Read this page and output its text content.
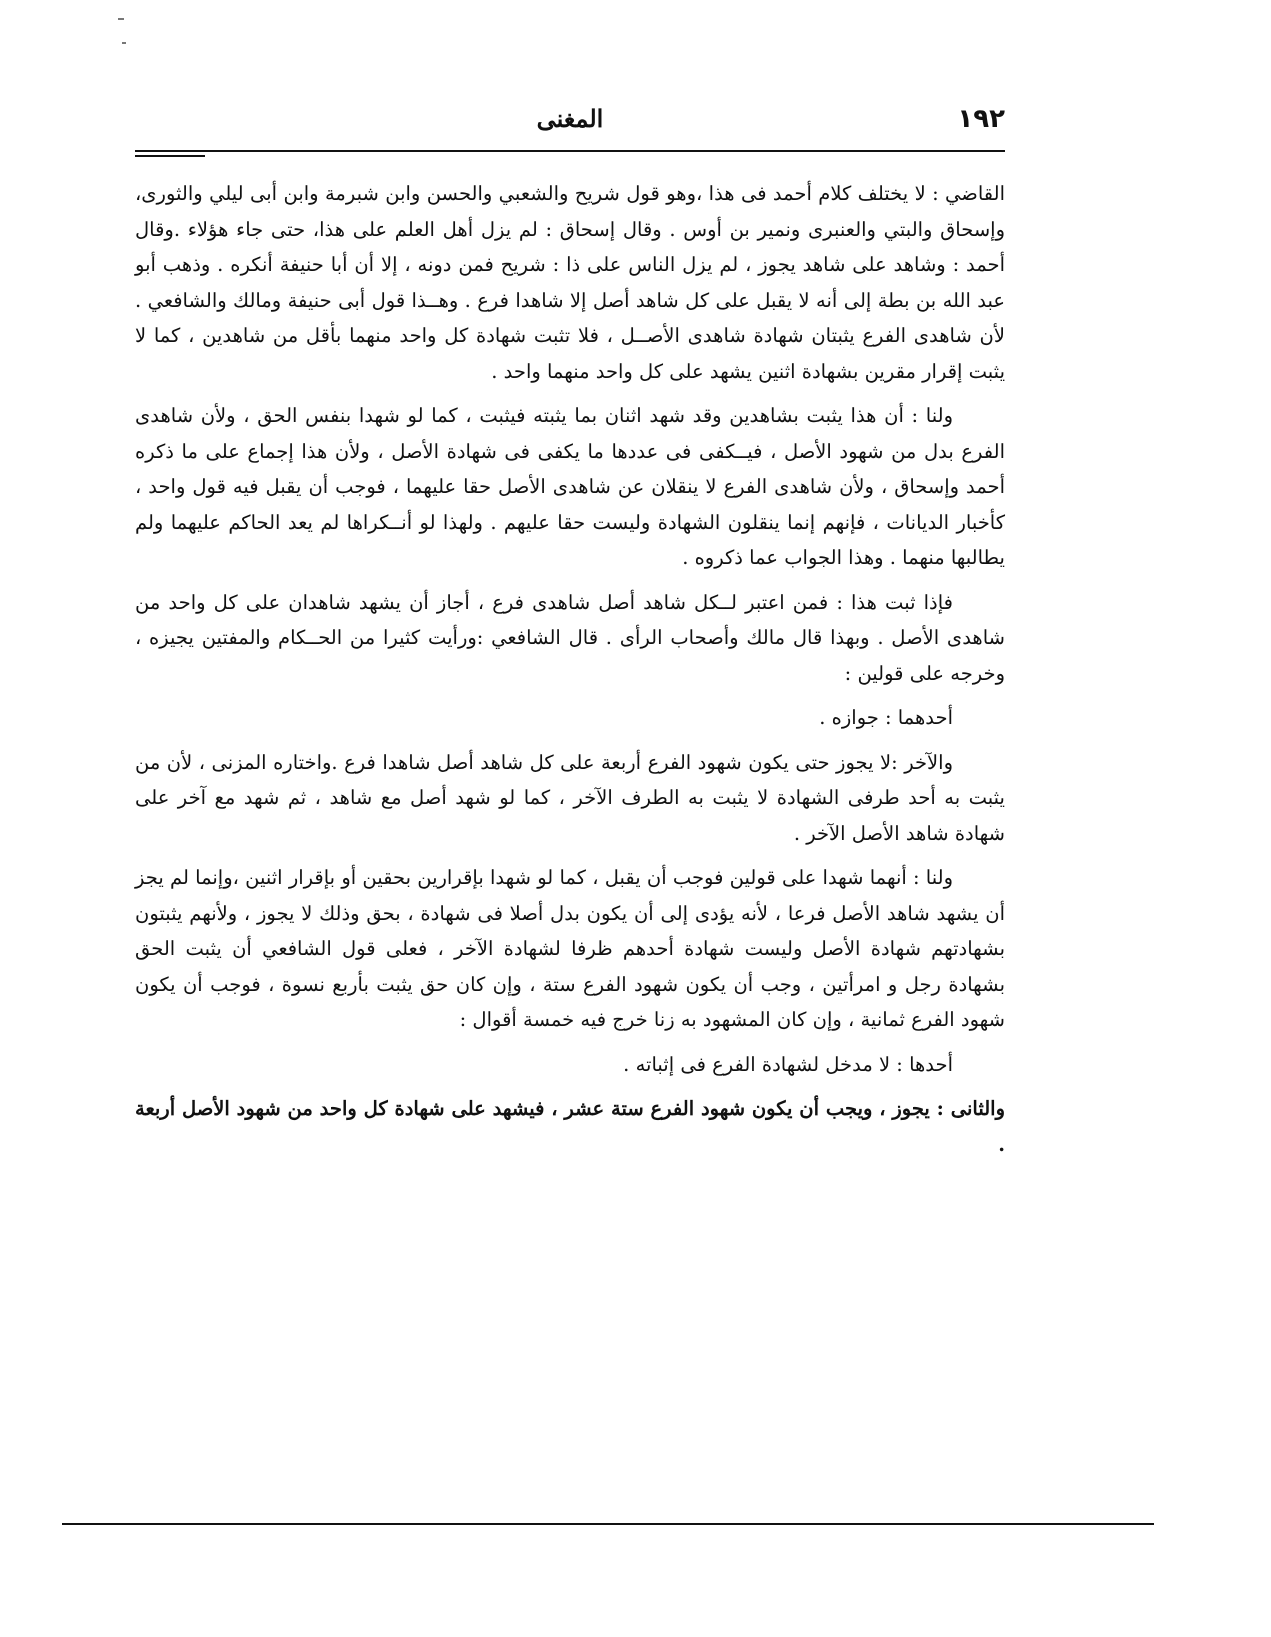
١٩٢
المغنى

القاضي : لا يختلف كلام أحمد فى هذا ،وهو قول شريح والشعبي والحسن وابن شبرمة وابن أبى ليلي والثورى، وإسحاق والبتي والعنبرى ونمير بن أوس . وقال إسحاق : لم يزل أهل العلم على هذا، حتى جاء هؤلاء .وقال أحمد : وشاهد على شاهد يجوز ، لم يزل الناس على ذا : شريح فمن دونه ، إلا أن أبا حنيفة أنكره . وذهب أبو عبد الله بن بطة إلى أنه لا يقبل على كل شاهد أصل إلا شاهدا فرع . وهــذا قول أبى حنيفة ومالك والشافعي . لأن شاهدى الفرع يثبتان شهادة شاهدى الأصــل ، فلا تثبت شهادة كل واحد منهما بأقل من شاهدين ، كما لا يثبت إقرار مقرين بشهادة اثنين يشهد على كل واحد منهما واحد .

ولنا : أن هذا يثبت بشاهدين وقد شهد اثنان بما يثبته فيثبت ، كما لو شهدا بنفس الحق ، ولأن شاهدى الفرع بدل من شهود الأصل ، فيــكفى فى عددها ما يكفى فى شهادة الأصل ، ولأن هذا إجماع على ما ذكره أحمد وإسحاق ، ولأن شاهدى الفرع لا ينقلان عن شاهدى الأصل حقا عليهما ، فوجب أن يقبل فيه قول واحد ، كأخبار الديانات ، فإنهم إنما ينقلون الشهادة وليست حقا عليهم . ولهذا لو أنــكراها لم يعد الحاكم عليهما ولم يطالبها منهما . وهذا الجواب عما ذكروه .

فإذا ثبت هذا : فمن اعتبر لــكل شاهد أصل شاهدى فرع ، أجاز أن يشهد شاهدان على كل واحد من شاهدى الأصل . وبهذا قال مالك وأصحاب الرأى . قال الشافعي :ورأيت كثيرا من الحــكام والمفتين يجيزه ، وخرجه على قولين :

أحدهما : جوازه .

والآخر :لا يجوز حتى يكون شهود الفرع أربعة على كل شاهد أصل شاهدا فرع .واختاره المزنى ، لأن من يثبت به أحد طرفى الشهادة لا يثبت به الطرف الآخر ، كما لو شهد أصل مع شاهد ، ثم شهد مع آخر على شهادة شاهد الأصل الآخر .

ولنا : أنهما شهدا على قولين فوجب أن يقبل ، كما لو شهدا بإقرارين بحقين أو بإقرار اثنين ،وإنما لم يجز أن يشهد شاهد الأصل فرعا ، لأنه يؤدى إلى أن يكون بدل أصلا فى شهادة ، بحق وذلك لا يجوز ، ولأنهم يثبتون بشهادتهم شهادة الأصل وليست شهادة أحدهم ظرفا لشهادة الآخر ، فعلى قول الشافعي أن يثبت الحق بشهادة رجل و امرأتين ، وجب أن يكون شهود الفرع ستة ، وإن كان حق يثبت بأربع نسوة ، فوجب أن يكون شهود الفرع ثمانية ، وإن كان المشهود به زنا خرج فيه خمسة أقوال :

أحدها : لا مدخل لشهادة الفرع فى إثباته .

والثانى : يجوز ، ويجب أن يكون شهود الفرع ستة عشر ، فيشهد على شهادة كل واحد من شهود الأصل أربعة .
